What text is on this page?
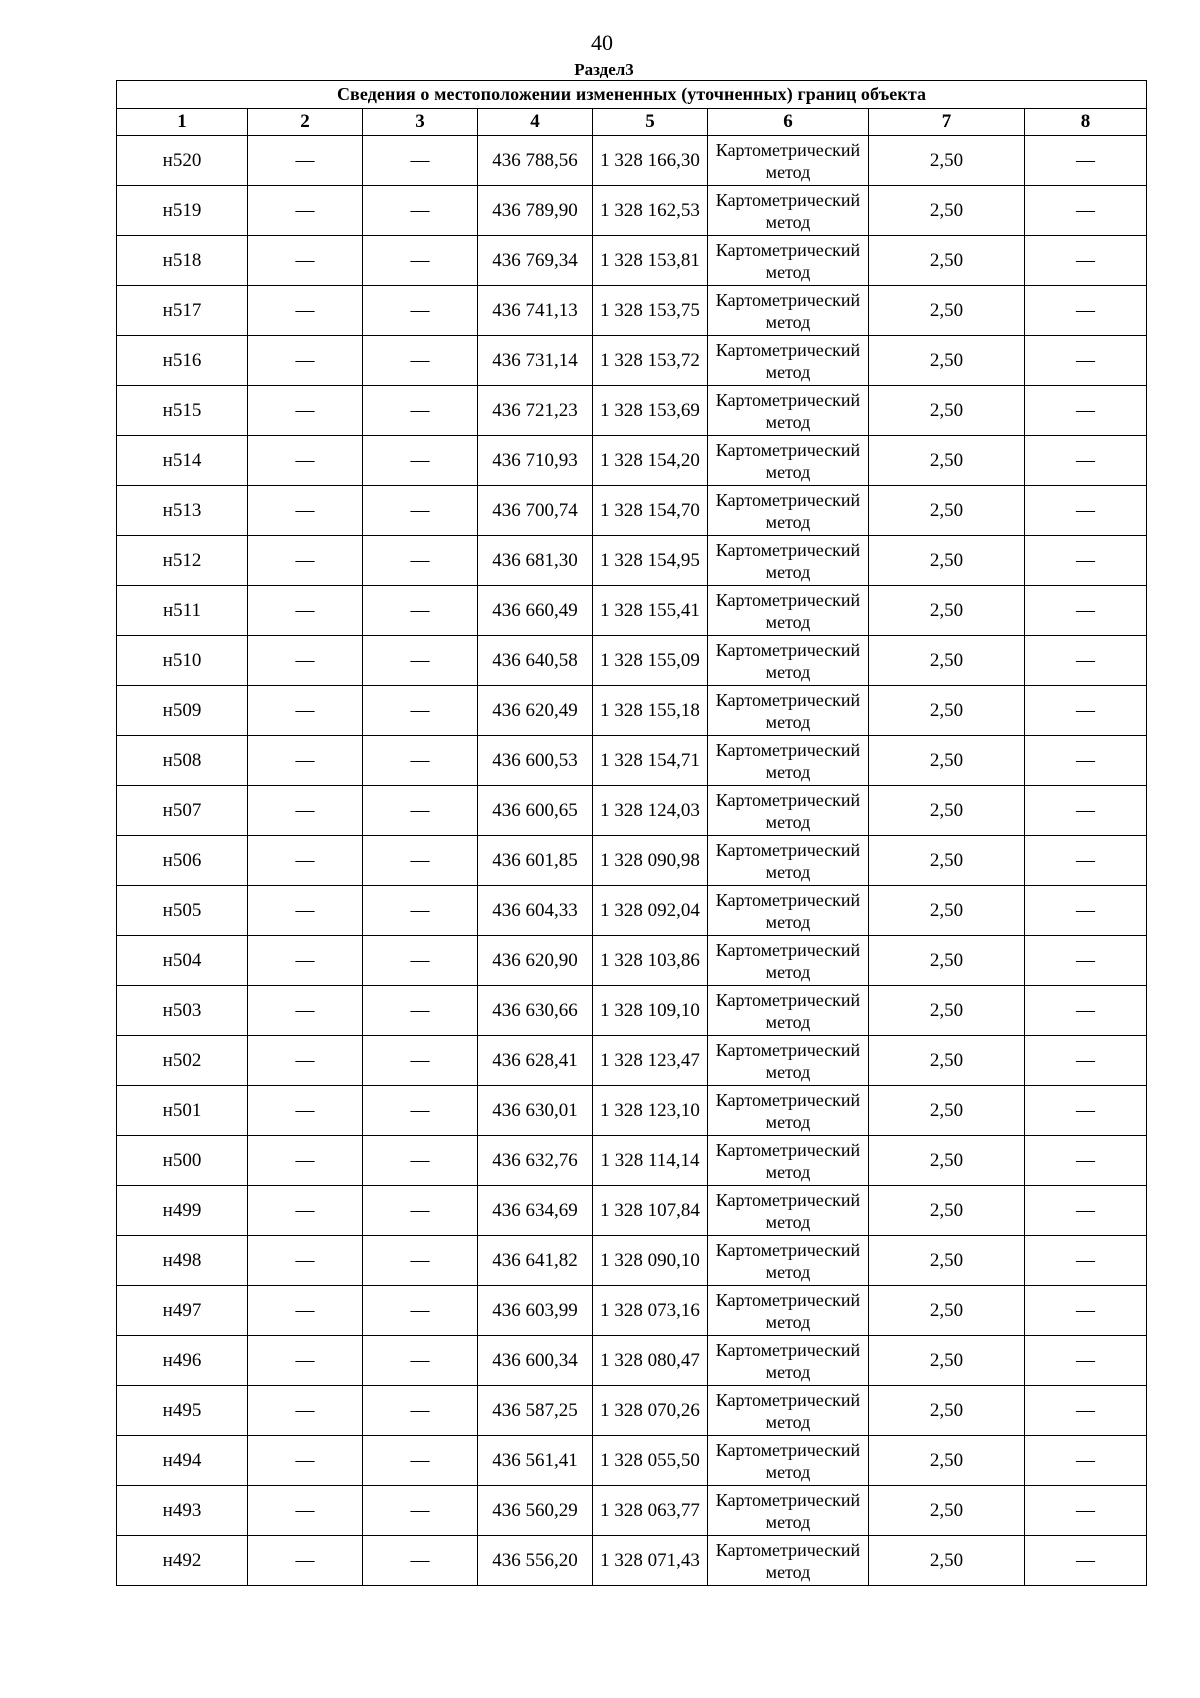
40
Раздел3
Сведения о местоположении измененных (уточненных) границ объекта							
1	2	3	4	5	6	7	8
н520	—	—	436 788,56	1 328 166,30	Картометрический метод	2,50	—
н519	—	—	436 789,90	1 328 162,53	Картометрический метод	2,50	—
н518	—	—	436 769,34	1 328 153,81	Картометрический метод	2,50	—
н517	—	—	436 741,13	1 328 153,75	Картометрический метод	2,50	—
н516	—	—	436 731,14	1 328 153,72	Картометрический метод	2,50	—
н515	—	—	436 721,23	1 328 153,69	Картометрический метод	2,50	—
н514	—	—	436 710,93	1 328 154,20	Картометрический метод	2,50	—
н513	—	—	436 700,74	1 328 154,70	Картометрический метод	2,50	—
н512	—	—	436 681,30	1 328 154,95	Картометрический метод	2,50	—
н511	—	—	436 660,49	1 328 155,41	Картометрический метод	2,50	—
н510	—	—	436 640,58	1 328 155,09	Картометрический метод	2,50	—
н509	—	—	436 620,49	1 328 155,18	Картометрический метод	2,50	—
н508	—	—	436 600,53	1 328 154,71	Картометрический метод	2,50	—
н507	—	—	436 600,65	1 328 124,03	Картометрический метод	2,50	—
н506	—	—	436 601,85	1 328 090,98	Картометрический метод	2,50	—
н505	—	—	436 604,33	1 328 092,04	Картометрический метод	2,50	—
н504	—	—	436 620,90	1 328 103,86	Картометрический метод	2,50	—
н503	—	—	436 630,66	1 328 109,10	Картометрический метод	2,50	—
н502	—	—	436 628,41	1 328 123,47	Картометрический метод	2,50	—
н501	—	—	436 630,01	1 328 123,10	Картометрический метод	2,50	—
н500	—	—	436 632,76	1 328 114,14	Картометрический метод	2,50	—
н499	—	—	436 634,69	1 328 107,84	Картометрический метод	2,50	—
н498	—	—	436 641,82	1 328 090,10	Картометрический метод	2,50	—
н497	—	—	436 603,99	1 328 073,16	Картометрический метод	2,50	—
н496	—	—	436 600,34	1 328 080,47	Картометрический метод	2,50	—
н495	—	—	436 587,25	1 328 070,26	Картометрический метод	2,50	—
н494	—	—	436 561,41	1 328 055,50	Картометрический метод	2,50	—
н493	—	—	436 560,29	1 328 063,77	Картометрический метод	2,50	—
н492	—	—	436 556,20	1 328 071,43	Картометрический метод	2,50	—
